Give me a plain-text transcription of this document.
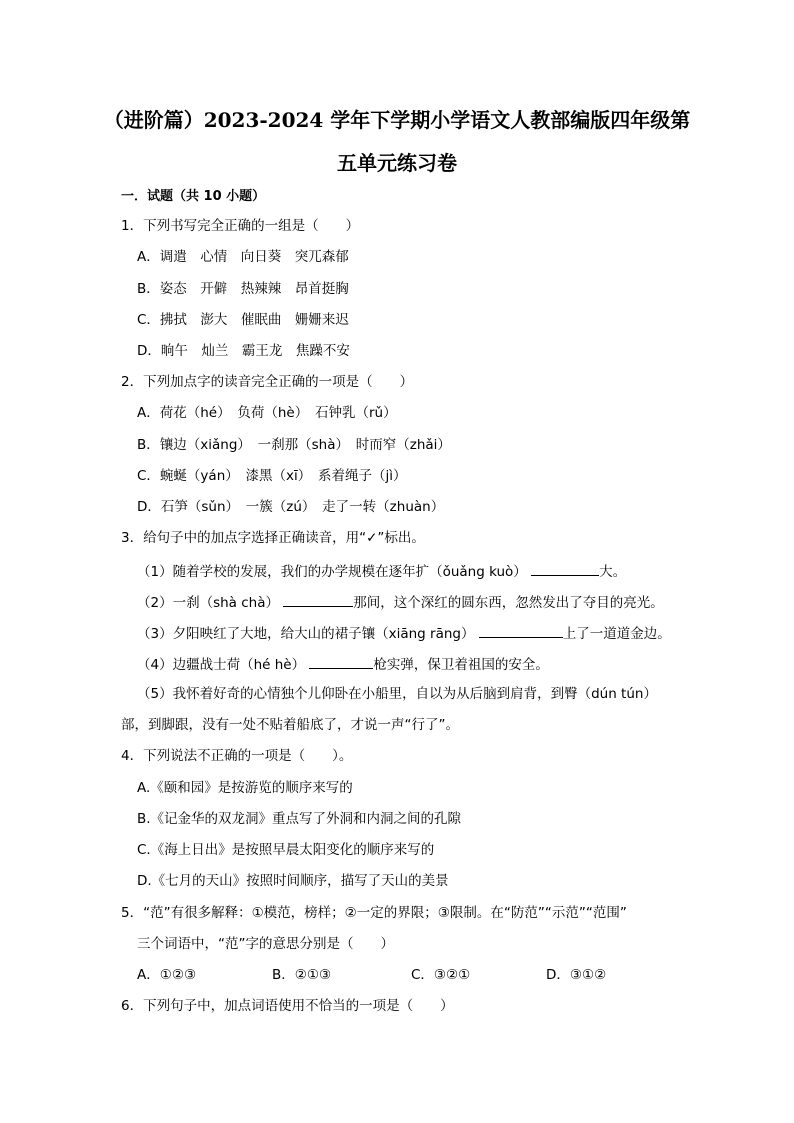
（进阶篇）2023-2024 学年下学期小学语文人教部编版四年级第
五单元练习卷
一．试题（共 10 小题）
1．下列书写完全正确的一组是（　　）
A．调遣　心情　向日葵　突兀森郁
B．姿态　开僻　热辣辣　昂首挺胸
C．拂拭　澎大　催眠曲　姗姗来迟
D．晌午　灿兰　霸王龙　焦躁不安
2．下列加点字的读音完全正确的一项是（　　）
A．荷花（hé）　负荷（hè）　石钟乳（rǔ）
B．镶边（xiǎng）　一刹那（shà）　时而窄（zhǎi）
C．蜿蜒（yán）　漆黑（xī）　系着绳子（jì）
D．石笋（sǔn）　一簇（zú）　走了一转（zhuàn）
3．给句子中的加点字选择正确读音，用“✓”标出。
（1）随着学校的发展，我们的办学规模在逐年扩（ǒuǎng kuò）	大。
（2）一刹（shà chà）	那间，这个深红的圆东西，忽然发出了夺目的亮光。
（3）夕阳映红了大地，给大山的裙子镶（xiāng rāng）	上了一道道金边。
（4）边疆战士荷（hé hè）	枪实弹，保卫着祖国的安全。
（5）我怀着好奇的心情独个儿仰卧在小船里，自以为从后脑到肩背，到臀（dún tún）
部，到脚跟，没有一处不贴着船底了，才说一声“行了”。
4．下列说法不正确的一项是（　　）。
A.《颐和园》是按游览的顺序来写的
B.《记金华的双龙洞》重点写了外洞和内洞之间的孔隙
C.《海上日出》是按照早晨太阳变化的顺序来写的
D.《七月的天山》按照时间顺序，描写了天山的美景
5．“范”有很多解释：①模范，榜样；②一定的界限；③限制。在“防范”“示范”“范围”
三个词语中，“范”字的意思分别是（　　）
A．①②③	B．②①③	C．③②①	D．③①②
6．下列句子中，加点词语使用不恰当的一项是（　　）
